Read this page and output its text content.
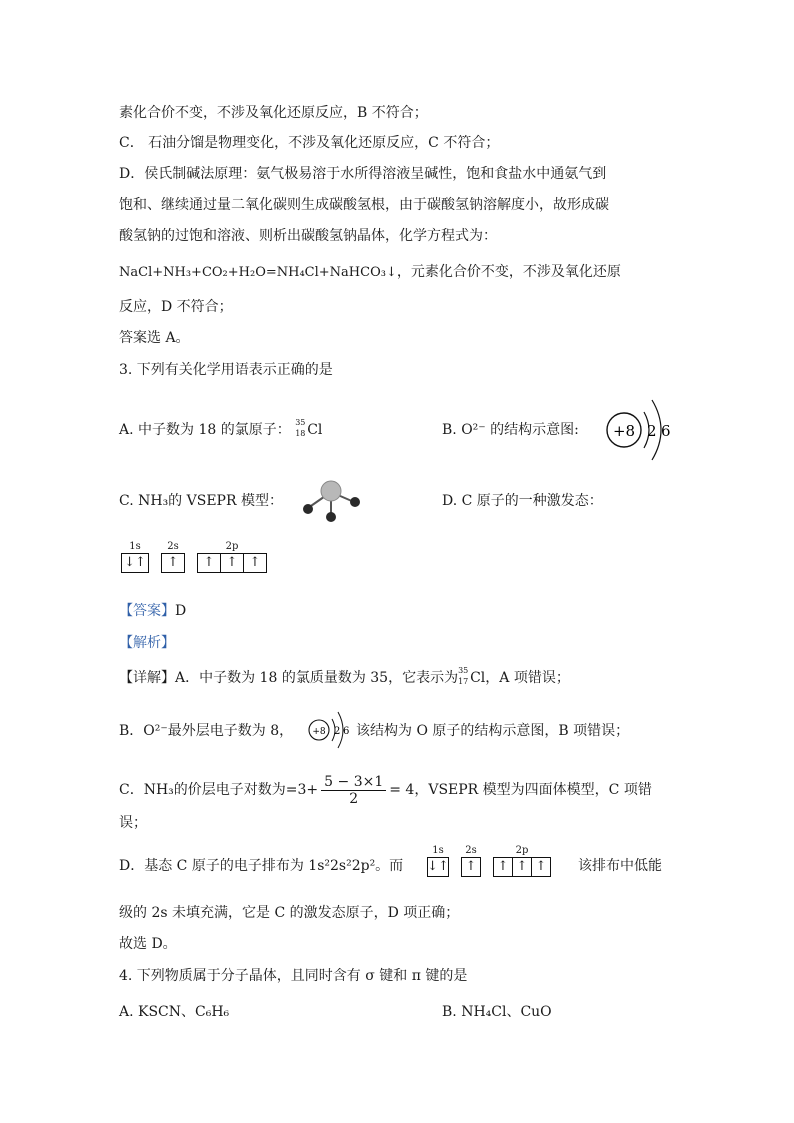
素化合价不变，不涉及氧化还原反应，B 不符合；
C． 石油分馏是物理变化，不涉及氧化还原反应，C 不符合；
D．侯氏制碱法原理：氨气极易溶于水所得溶液呈碱性，饱和食盐水中通氨气到
饱和、继续通过量二氧化碳则生成碳酸氢根，由于碳酸氢钠溶解度小，故形成碳
酸氢钠的过饱和溶液、则析出碳酸氢钠晶体，化学方程式为：
NaCl+NH₃+CO₂+H₂O=NH₄Cl+NaHCO₃↓，元素化合价不变，不涉及氧化还原
反应，D 不符合；
答案选 A。
3. 下列有关化学用语表示正确的是
A. 中子数为 18 的氯原子： 35
18 Cl	B. O²⁻ 的结构示意图: +8 2 6
C. NH₃的 VSEPR 模型：	D. C 原子的一种激发态：
1s
↓↑
2s
↑
2p
↑ ↑ ↑
【答案】D
【解析】
【详解】A．中子数为 18 的氯质量数为 35，它表示为 35
17 Cl，A 项错误；
B．O²⁻最外层电子数为 8， +8 2 6 该结构为 O 原子的结构示意图，B 项错误；
C．NH₃的价层电子对数为$=3+ \frac{5 - 3\times 1}{2} = 4$，VSEPR 模型为四面体模型，C 项错
误；
D．基态 C 原子的电子排布为 1s²2s²2p²。而
1s
↓↑
2s
↑
2p
↑ ↑ ↑ 该排布中低能
级的 2s 未填充满，它是 C 的激发态原子，D 项正确；
故选 D。
4. 下列物质属于分子晶体，且同时含有 σ 键和 π 键的是
A. KSCN、C₆H₆	B. NH₄Cl、CuO
